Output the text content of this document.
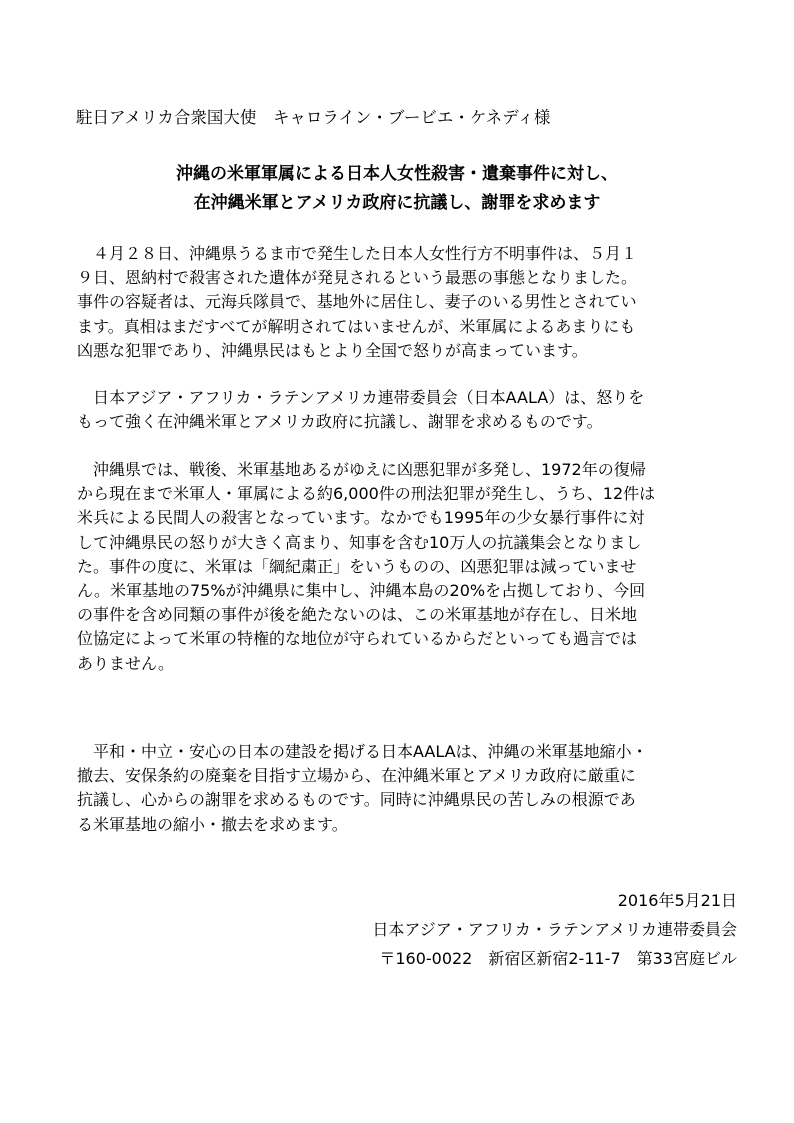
駐日アメリカ合衆国大使　キャロライン・ブービエ・ケネディ様
沖縄の米軍軍属による日本人女性殺害・遺棄事件に対し、
在沖縄米軍とアメリカ政府に抗議し、謝罪を求めます
　４月２８日、沖縄県うるま市で発生した日本人女性行方不明事件は、５月１
９日、恩納村で殺害された遺体が発見されるという最悪の事態となりました。
事件の容疑者は、元海兵隊員で、基地外に居住し、妻子のいる男性とされてい
ます。真相はまだすべてが解明されてはいませんが、米軍属によるあまりにも
凶悪な犯罪であり、沖縄県民はもとより全国で怒りが高まっています。
　日本アジア・アフリカ・ラテンアメリカ連帯委員会（日本AALA）は、怒りを
もって強く在沖縄米軍とアメリカ政府に抗議し、謝罪を求めるものです。
　沖縄県では、戦後、米軍基地あるがゆえに凶悪犯罪が多発し、1972年の復帰
から現在まで米軍人・軍属による約6,000件の刑法犯罪が発生し、うち、12件は
米兵による民間人の殺害となっています。なかでも1995年の少女暴行事件に対
して沖縄県民の怒りが大きく高まり、知事を含む10万人の抗議集会となりまし
た。事件の度に、米軍は「綱紀粛正」をいうものの、凶悪犯罪は減っていませ
ん。米軍基地の75%が沖縄県に集中し、沖縄本島の20%を占拠しており、今回
の事件を含め同類の事件が後を絶たないのは、この米軍基地が存在し、日米地
位協定によって米軍の特権的な地位が守られているからだといっても過言では
ありません。
　平和・中立・安心の日本の建設を掲げる日本AALAは、沖縄の米軍基地縮小・
撤去、安保条約の廃棄を目指す立場から、在沖縄米軍とアメリカ政府に厳重に
抗議し、心からの謝罪を求めるものです。同時に沖縄県民の苦しみの根源であ
る米軍基地の縮小・撤去を求めます。
2016年5月21日
日本アジア・アフリカ・ラテンアメリカ連帯委員会
〒160-0022　新宿区新宿2-11-7　第33宮庭ビル
